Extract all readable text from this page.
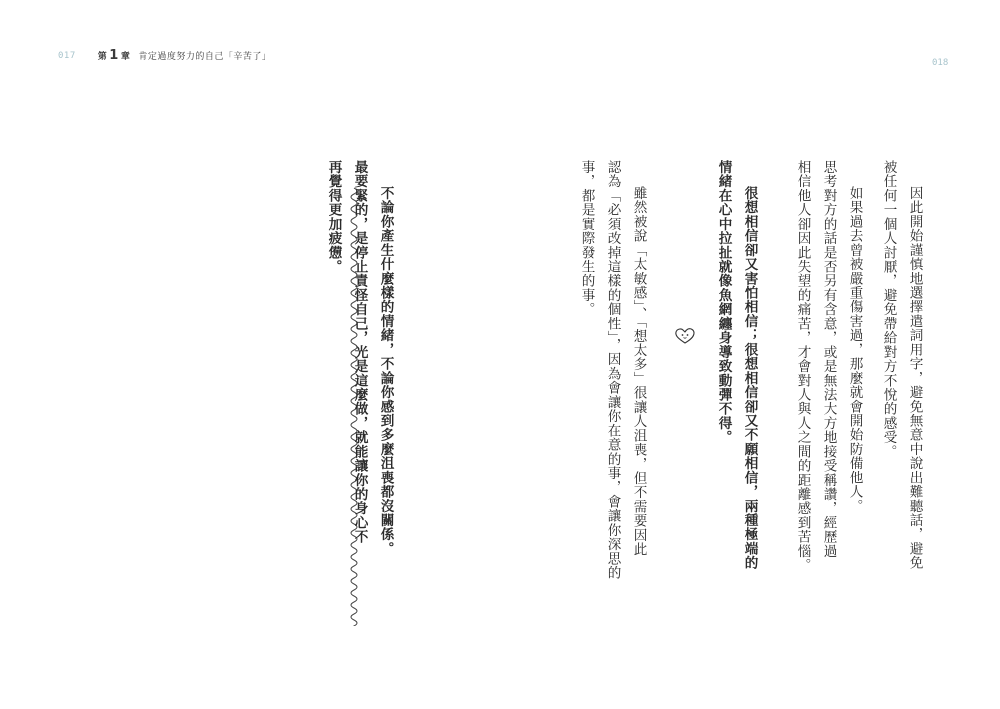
017 第 1 章 肯定過度努力的自己「辛苦了」
018
因此開始謹慎地選擇遣詞用字，避免無意中說出難聽話，避免
被任何一個人討厭，避免帶給對方不悅的感受。
如果過去曾被嚴重傷害過，那麼就會開始防備他人。
思考對方的話是否另有含意，或是無法大方地接受稱讚，經歷過
相信他人卻因此失望的痛苦，才會對人與人之間的距離感到苦惱。
很想相信卻又害怕相信；很想相信卻又不願相信，兩種極端的
情緒在心中拉扯就像魚網纏身導致動彈不得。
雖然被說「太敏感」、「想太多」很讓人沮喪，但不需要因此
認為「必須改掉這樣的個性」，因為會讓你在意的事，會讓你深思的
事，都是實際發生的事。
不論你產生什麼樣的情緒，不論你感到多麼沮喪都沒關係。
最要緊的，是停止責怪自己，光是這麼做，就能讓你的身心不
再覺得更加疲憊。
